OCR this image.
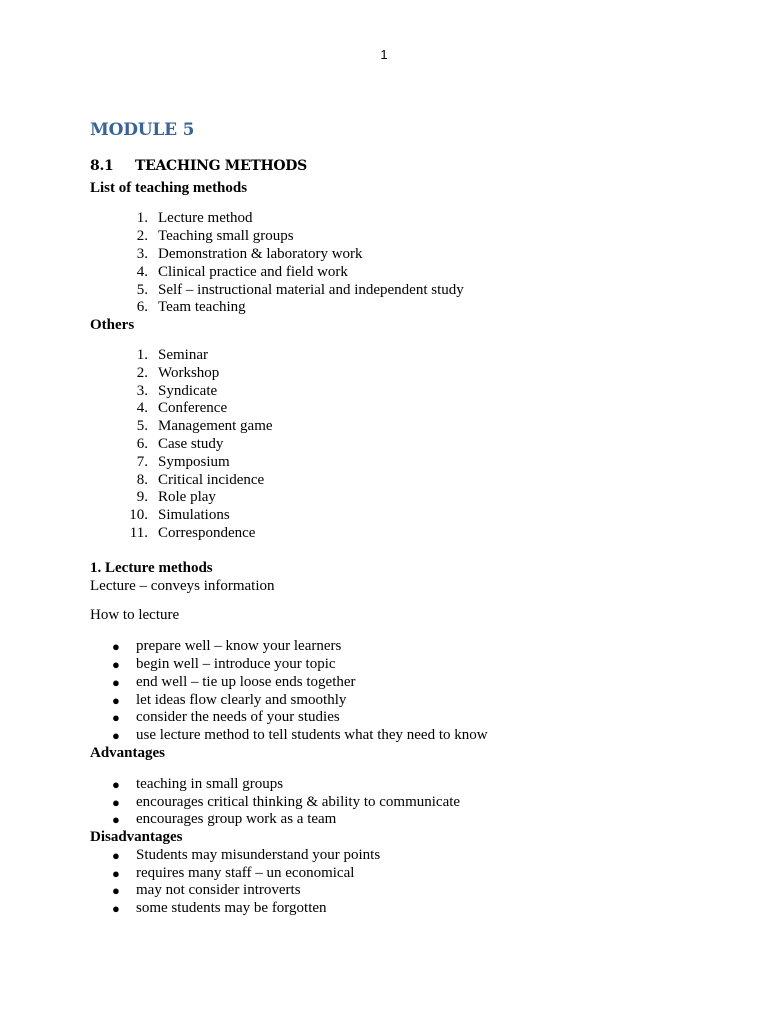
1
MODULE 5
8.1 TEACHING METHODS

List of teaching methods

1. Lecture method
2. Teaching small groups
3. Demonstration & laboratory work
4. Clinical practice and field work
5. Self – instructional material and independent study
6. Team teaching

Others

1. Seminar
2. Workshop
3. Syndicate
4. Conference
5. Management game
6. Case study
7. Symposium
8. Critical incidence
9. Role play
10. Simulations
11. Correspondence

1. Lecture methods

Lecture – conveys information

How to lecture

● prepare well – know your learners
● begin well – introduce your topic
● end well – tie up loose ends together
● let ideas flow clearly and smoothly
● consider the needs of your studies
● use lecture method to tell students what they need to know

Advantages

● teaching in small groups
● encourages critical thinking & ability to communicate
● encourages group work as a team

Disadvantages

● Students may misunderstand your points
● requires many staff – un economical
● may not consider introverts
● some students may be forgotten
